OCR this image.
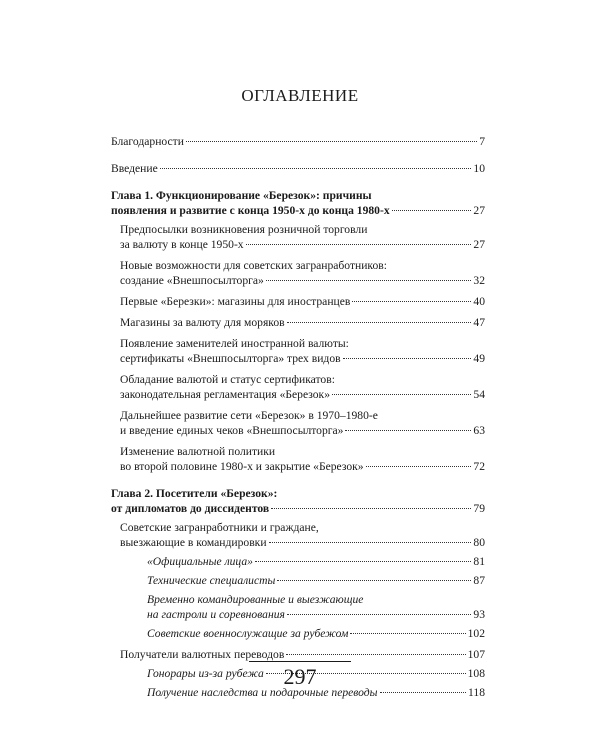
ОГЛАВЛЕНИЕ
Благодарности	7
Введение	10
Глава 1. Функционирование «Березок»: причины
появления и развитие с конца 1950-х до конца 1980-х	27
Предпосылки возникновения розничной торговли
за валюту в конце 1950-х	27
Новые возможности для советских загранработников:
создание «Внешпосылторга»	32
Первые «Березки»: магазины для иностранцев	40
Магазины за валюту для моряков	47
Появление заменителей иностранной валюты:
сертификаты «Внешпосылторга» трех видов	49
Обладание валютой и статус сертификатов:
законодательная регламентация «Березок»	54
Дальнейшее развитие сети «Березок» в 1970–1980-е
и введение единых чеков «Внешпосылторга»	63
Изменение валютной политики
во второй половине 1980-х и закрытие «Березок»	72
Глава 2. Посетители «Березок»:
от дипломатов до диссидентов	79
Советские загранработники и граждане,
выезжающие в командировки	80
«Официальные лица»	81
Технические специалисты	87
Временно командированные и выезжающие
на гастроли и соревнования	93
Советские военнослужащие за рубежом	102
Получатели валютных переводов	107
Гонорары из-за рубежа	108
Получение наследства и подарочные переводы	118
297
